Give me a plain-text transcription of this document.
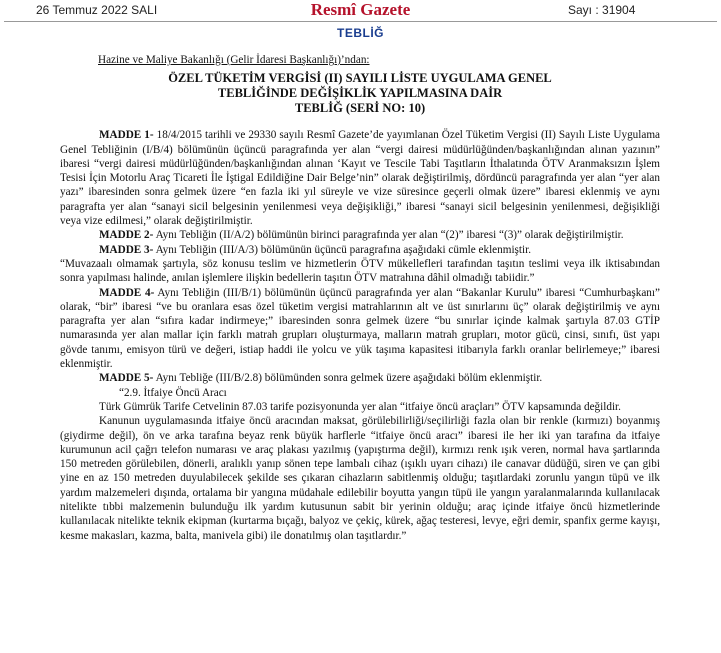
26 Temmuz 2022 SALI	Resmî Gazete	Sayı : 31904
TEBLİĞ
Hazine ve Maliye Bakanlığı (Gelir İdaresi Başkanlığı)’ndan:
ÖZEL TÜKETİM VERGİSİ (II) SAYILI LİSTE UYGULAMA GENEL
TEBLİĞİNDE DEĞİŞİKLİK YAPILMASINA DAİR
TEBLİĞ (SERİ NO: 10)

MADDE 1- 18/4/2015 tarihli ve 29330 sayılı Resmî Gazete’de yayımlanan Özel Tüketim Vergisi (II) Sayılı Liste Uygulama Genel Tebliğinin (I/B/4) bölümünün üçüncü paragrafında yer alan “vergi dairesi müdürlüğünden/başkanlığından alınan yazının” ibaresi “vergi dairesi müdürlüğünden/başkanlığından alınan ‘Kayıt ve Tescile Tabi Taşıtların İthalatında ÖTV Aranmaksızın İşlem Tesisi İçin Motorlu Araç Ticareti İle İştigal Edildiğine Dair Belge’nin” olarak değiştirilmiş, dördüncü paragrafında yer alan “yer alan yazı” ibaresinden sonra gelmek üzere “en fazla iki yıl süreyle ve vize süresince geçerli olmak üzere” ibaresi eklenmiş ve aynı paragrafta yer alan “sanayi sicil belgesinin yenilenmesi veya değişikliği,” ibaresi “sanayi sicil belgesinin yenilenmesi, değişikliği veya vize edilmesi,” olarak değiştirilmiştir.

MADDE 2- Aynı Tebliğin (II/A/2) bölümünün birinci paragrafında yer alan “(2)” ibaresi “(3)” olarak değiştirilmiştir.

MADDE 3- Aynı Tebliğin (III/A/3) bölümünün üçüncü paragrafına aşağıdaki cümle eklenmiştir.

“Muvazaalı olmamak şartıyla, söz konusu teslim ve hizmetlerin ÖTV mükellefleri tarafından taşıtın teslimi veya ilk iktisabından sonra yapılması halinde, anılan işlemlere ilişkin bedellerin taşıtın ÖTV matrahına dâhil olmadığı tabiidir.”

MADDE 4- Aynı Tebliğin (III/B/1) bölümünün üçüncü paragrafında yer alan “Bakanlar Kurulu” ibaresi “Cumhurbaşkanı” olarak, “bir” ibaresi “ve bu oranlara esas özel tüketim vergisi matrahlarının alt ve üst sınırlarını üç” olarak değiştirilmiş ve aynı paragrafta yer alan “sıfıra kadar indirmeye;” ibaresinden sonra gelmek üzere “bu sınırlar içinde kalmak şartıyla 87.03 GTİP numarasında yer alan mallar için farklı matrah grupları oluşturmaya, malların matrah grupları, motor gücü, cinsi, sınıfı, üst yapı gövde tanımı, emisyon türü ve değeri, istiap haddi ile yolcu ve yük taşıma kapasitesi itibarıyla farklı oranlar belirlemeye;” ibaresi eklenmiştir.

MADDE 5- Aynı Tebliğe (III/B/2.8) bölümünden sonra gelmek üzere aşağıdaki bölüm eklenmiştir.

“2.9. İtfaiye Öncü Aracı

Türk Gümrük Tarife Cetvelinin 87.03 tarife pozisyonunda yer alan “itfaiye öncü araçları” ÖTV kapsamında değildir.

Kanunun uygulamasında itfaiye öncü aracından maksat, görülebilirliği/seçilirliği fazla olan bir renkle (kırmızı) boyanmış (giydirme değil), ön ve arka tarafına beyaz renk büyük harflerle “itfaiye öncü aracı” ibaresi ile her iki yan tarafına da itfaiye kurumunun acil çağrı telefon numarası ve araç plakası yazılmış (yapıştırma değil), kırmızı renk ışık veren, normal hava şartlarında 150 metreden görülebilen, dönerli, aralıklı yanıp sönen tepe lambalı cihaz (ışıklı uyarı cihazı) ile canavar düdüğü, siren ve çan gibi yine en az 150 metreden duyulabilecek şekilde ses çıkaran cihazların sabitlenmiş olduğu; taşıtlardaki zorunlu yangın tüpü ve ilk yardım malzemeleri dışında, ortalama bir yangına müdahale edilebilir boyutta yangın tüpü ile yangın yaralanmalarında kullanılacak nitelikte tıbbi malzemenin bulunduğu ilk yardım kutusunun sabit bir yerinin olduğu; araç içinde itfaiye öncü hizmetlerinde kullanılacak nitelikte teknik ekipman (kurtarma bıçağı, balyoz ve çekiç, kürek, ağaç testeresi, levye, eğri demir, spanfix germe kayışı, kesme makasları, kazma, balta, manivela gibi) ile donatılmış olan taşıtlardır.”
